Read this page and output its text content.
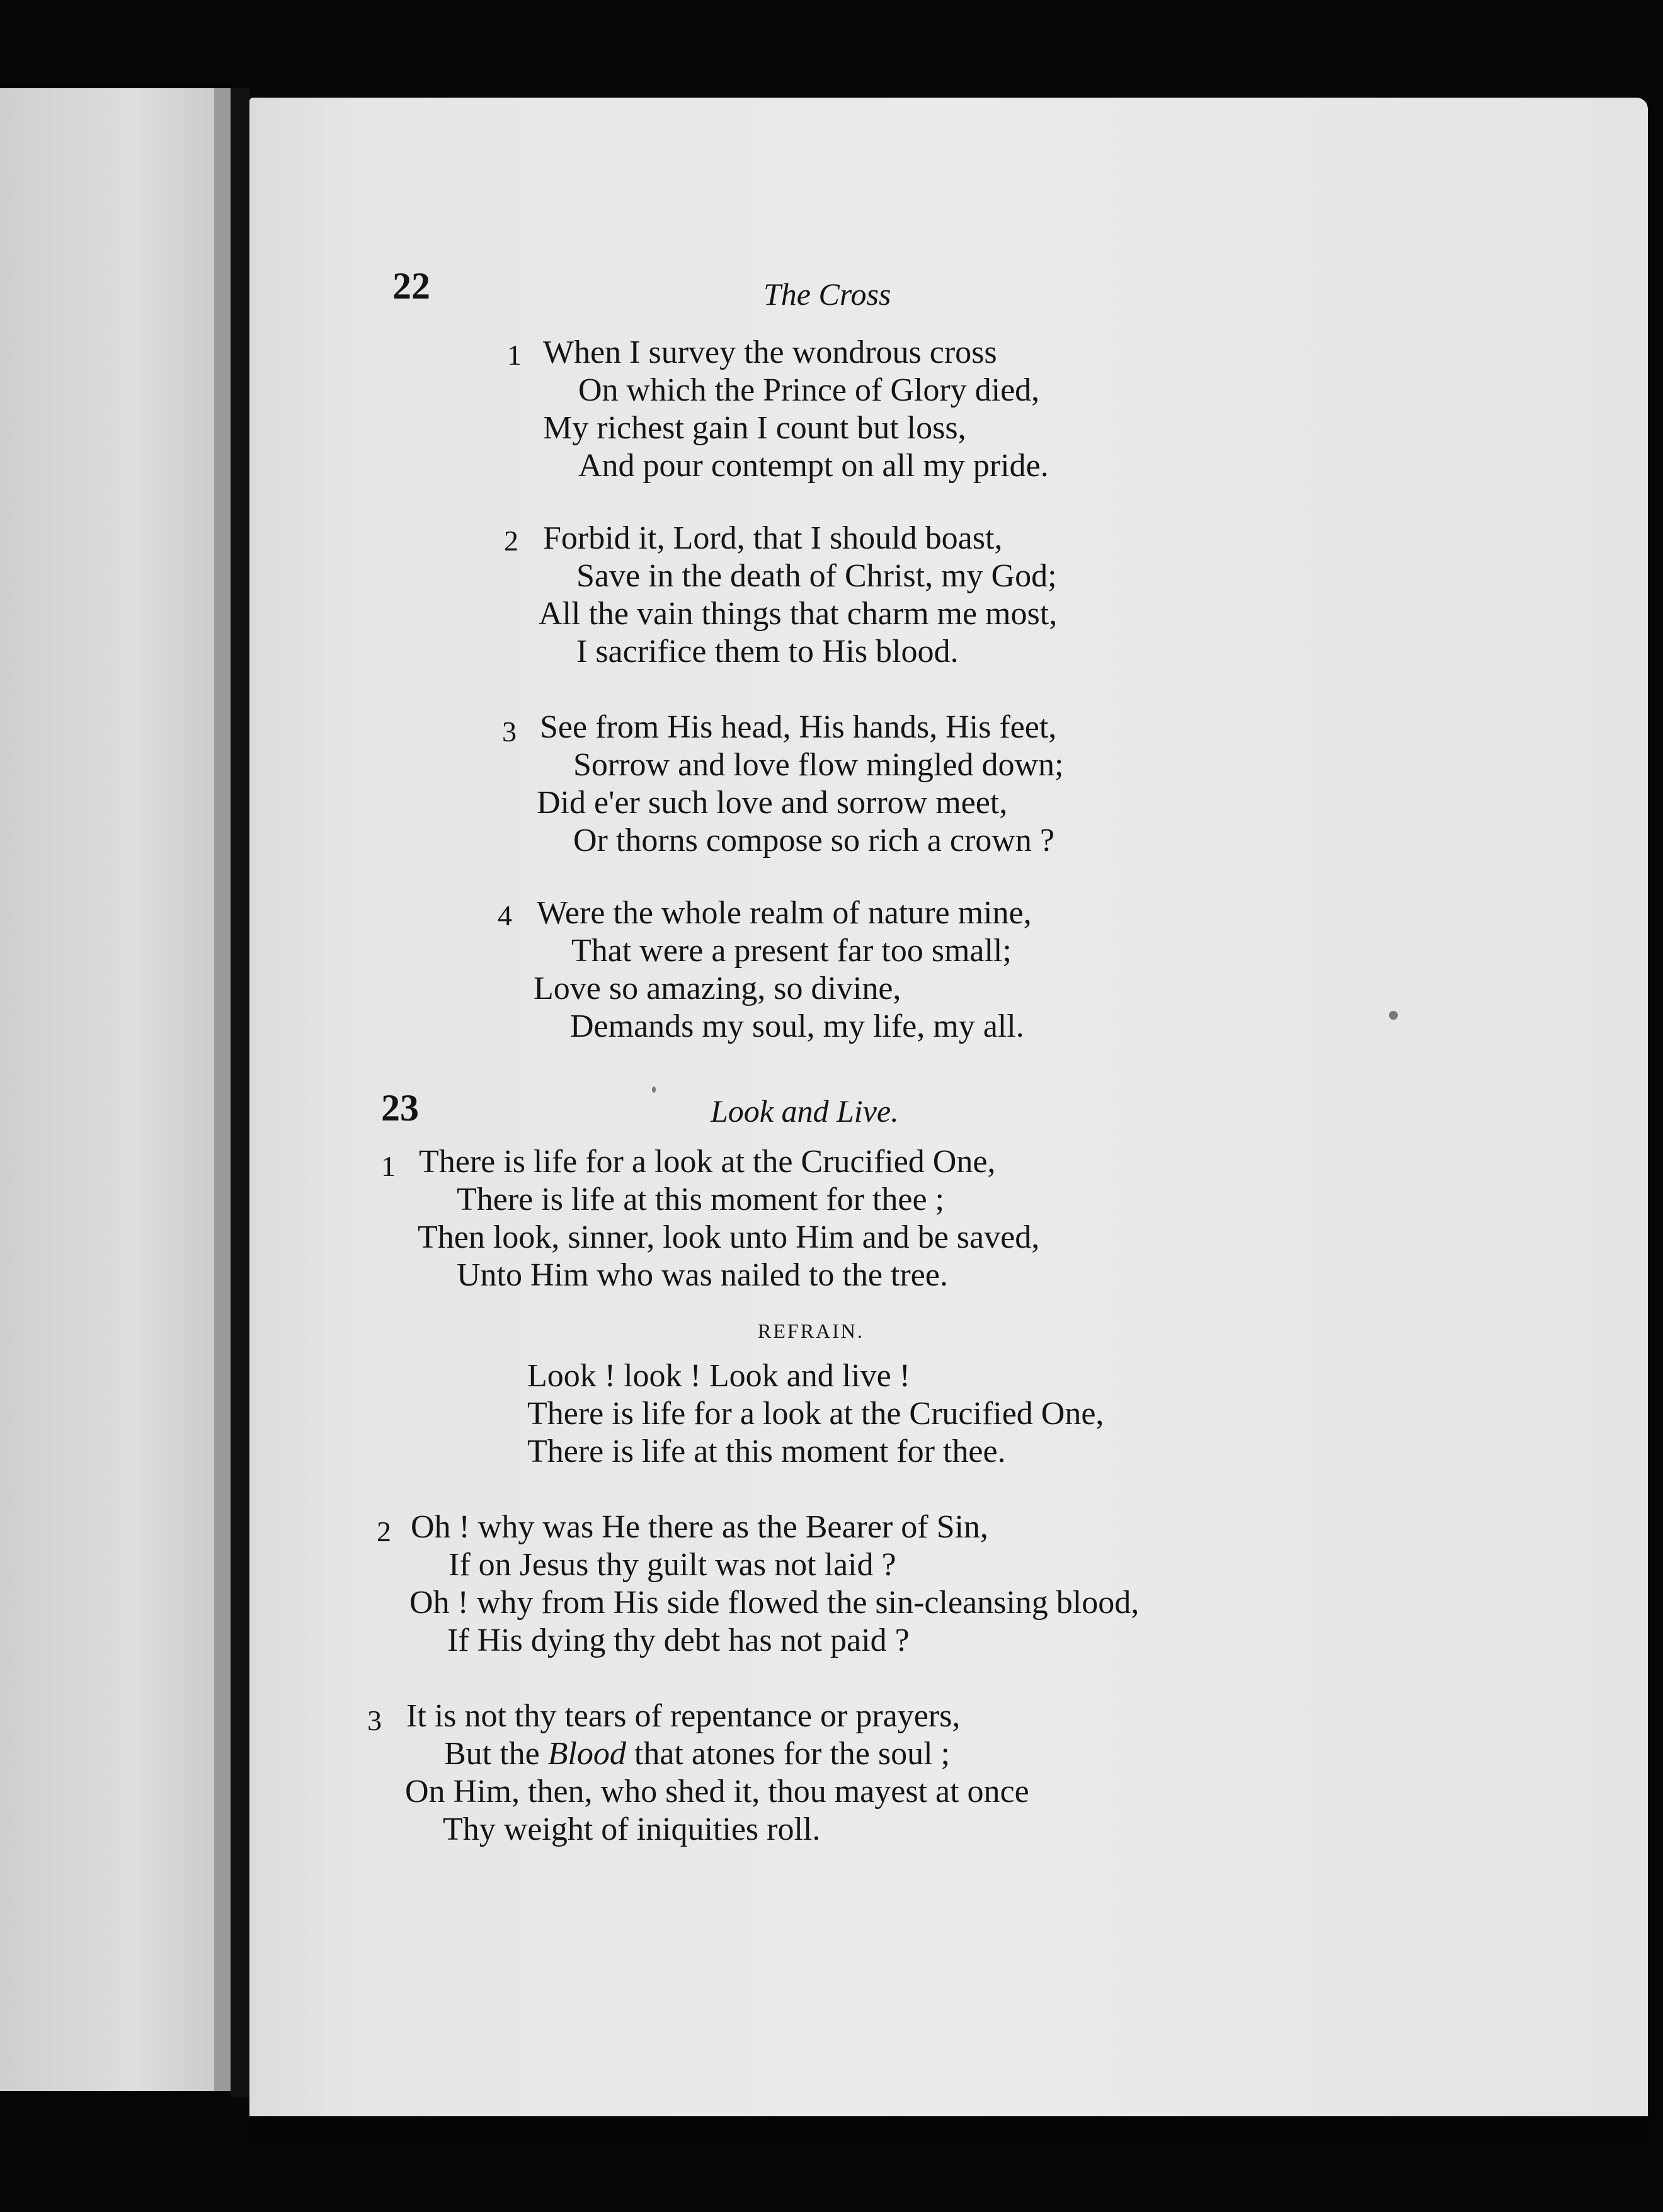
22	The Cross
1 When I survey the wondrous cross
On which the Prince of Glory died,
My richest gain I count but loss,
And pour contempt on all my pride.
2 Forbid it, Lord, that I should boast,
Save in the death of Christ, my God;
All the vain things that charm me most,
I sacrifice them to His blood.
3 See from His head, His hands, His feet,
Sorrow and love flow mingled down;
Did e'er such love and sorrow meet,
Or thorns compose so rich a crown ?
4 Were the whole realm of nature mine,
That were a present far too small;
Love so amazing, so divine,
Demands my soul, my life, my all.
23	Look and Live.
1 There is life for a look at the Crucified One,
There is life at this moment for thee ;
Then look, sinner, look unto Him and be saved,
Unto Him who was nailed to the tree.
REFRAIN.
Look ! look ! Look and live !
There is life for a look at the Crucified One,
There is life at this moment for thee.
2 Oh ! why was He there as the Bearer of Sin,
If on Jesus thy guilt was not laid ?
Oh ! why from His side flowed the sin-cleansing blood,
If His dying thy debt has not paid ?
3 It is not thy tears of repentance or prayers,
But the Blood that atones for the soul ;
On Him, then, who shed it, thou mayest at once
Thy weight of iniquities roll.
